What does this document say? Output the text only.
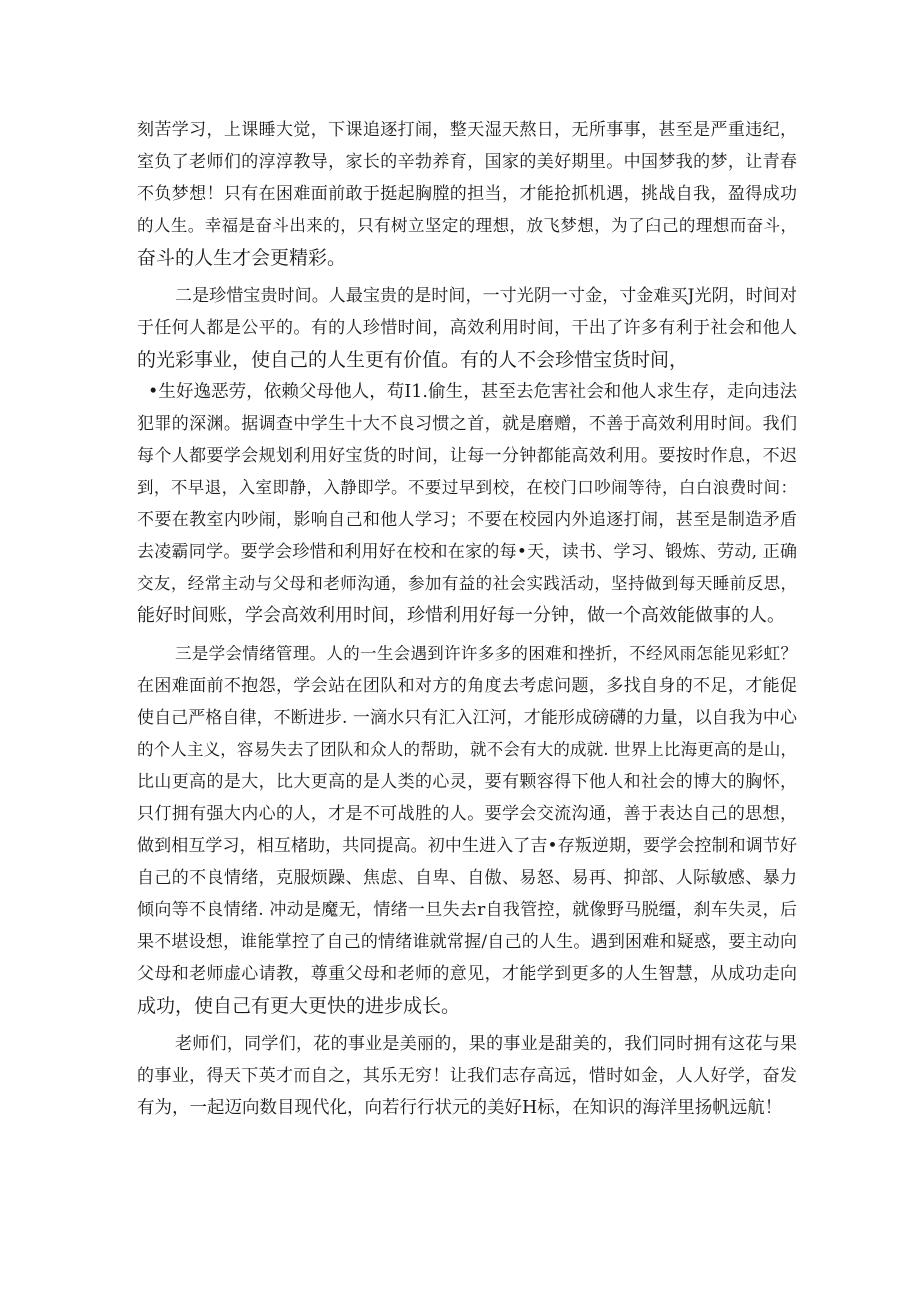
刻苦学习，上课睡大觉，下课追逐打闹，整天湿天熬日，无所事事，甚至是严重违纪，
室负了老师们的淳淳教导，家长的辛勃养育，国家的美好期里。中国梦我的梦，让青春
不负梦想！只有在困难面前敢于挺起胸膛的担当，才能抢抓机遇，挑战自我，盈得成功
的人生。幸福是奋斗出来的，只有树立坚定的理想，放飞梦想，为了臼己的理想而奋斗，
奋斗的人生才会更精彩。
二是珍惜宝贵时间。人最宝贵的是时间，一寸光阴一寸金，寸金难买J光阴，时间对
于任何人都是公平的。有的人珍惜时间，高效利用时间，干出了许多有利于社会和他人
的光彩事业，使自己的人生更有价值。有的人不会珍惜宝货时间，
•生好逸恶劳，依赖父母他人，苟I1.偷生，甚至去危害社会和他人求生存，走向违法
犯罪的深渊。据调查中学生十大不良习惯之首，就是磨赠，不善于高效利用时间。我们
每个人都要学会规划利用好宝货的时间，让每一分钟都能高效利用。要按时作息，不迟
到，不早退，入室即静，入静即学。不要过早到校，在校门口吵闹等待，白白浪费时间：
不要在教室内吵闹，影响自己和他人学习；不要在校园内外追逐打闹，甚至是制造矛盾
去凌霸同学。要学会珍惜和利用好在校和在家的每•天，读书、学习、锻炼、劳动, 正确
交友，经常主动与父母和老师沟通，参加有益的社会实践活动，坚持做到每天睡前反思，
能好时间账，学会高效利用时间，珍惜利用好每一分钟，做一个高效能做事的人。
三是学会情绪管理。人的一生会遇到许许多多的困难和挫折，不经风雨怎能见彩虹？
在困难面前不抱怨，学会站在团队和对方的角度去考虑问题，多找自身的不足，才能促
使自己严格自律，不断进步. 一滴水只有汇入江河，才能形成磅礴的力量，以自我为中心
的个人主义，容易失去了团队和众人的帮助，就不会有大的成就. 世界上比海更高的是山，
比山更高的是大，比大更高的是人类的心灵，要有颗容得下他人和社会的博大的胸怀，
只仃拥有强大内心的人，才是不可战胜的人。要学会交流沟通，善于表达自己的思想，
做到相互学习，相互楮助，共同提高。初中生进入了吉•存叛逆期，要学会控制和调节好
自己的不良情绪，克服烦躁、焦虑、自卑、自傲、易怒、易再、抑部、人际敏感、暴力
倾向等不良情绪. 冲动是魔无，情绪一旦失去r自我管控，就像野马脱缰，刹车失灵，后
果不堪设想，谁能掌控了自己的情绪谁就常握/自己的人生。遇到困难和疑惑，要主动向
父母和老师虚心请教，尊重父母和老师的意见，才能学到更多的人生智慧，从成功走向
成功，使自己有更大更快的进步成长。
老师们，同学们，花的事业是美丽的，果的事业是甜美的，我们同时拥有这花与果
的事业，得天下英才而自之，其乐无穷！让我们志存高远，惜时如金，人人好学，奋发
有为，一起迈向数目现代化，向若行行状元的美好H标，在知识的海洋里扬帆远航！
